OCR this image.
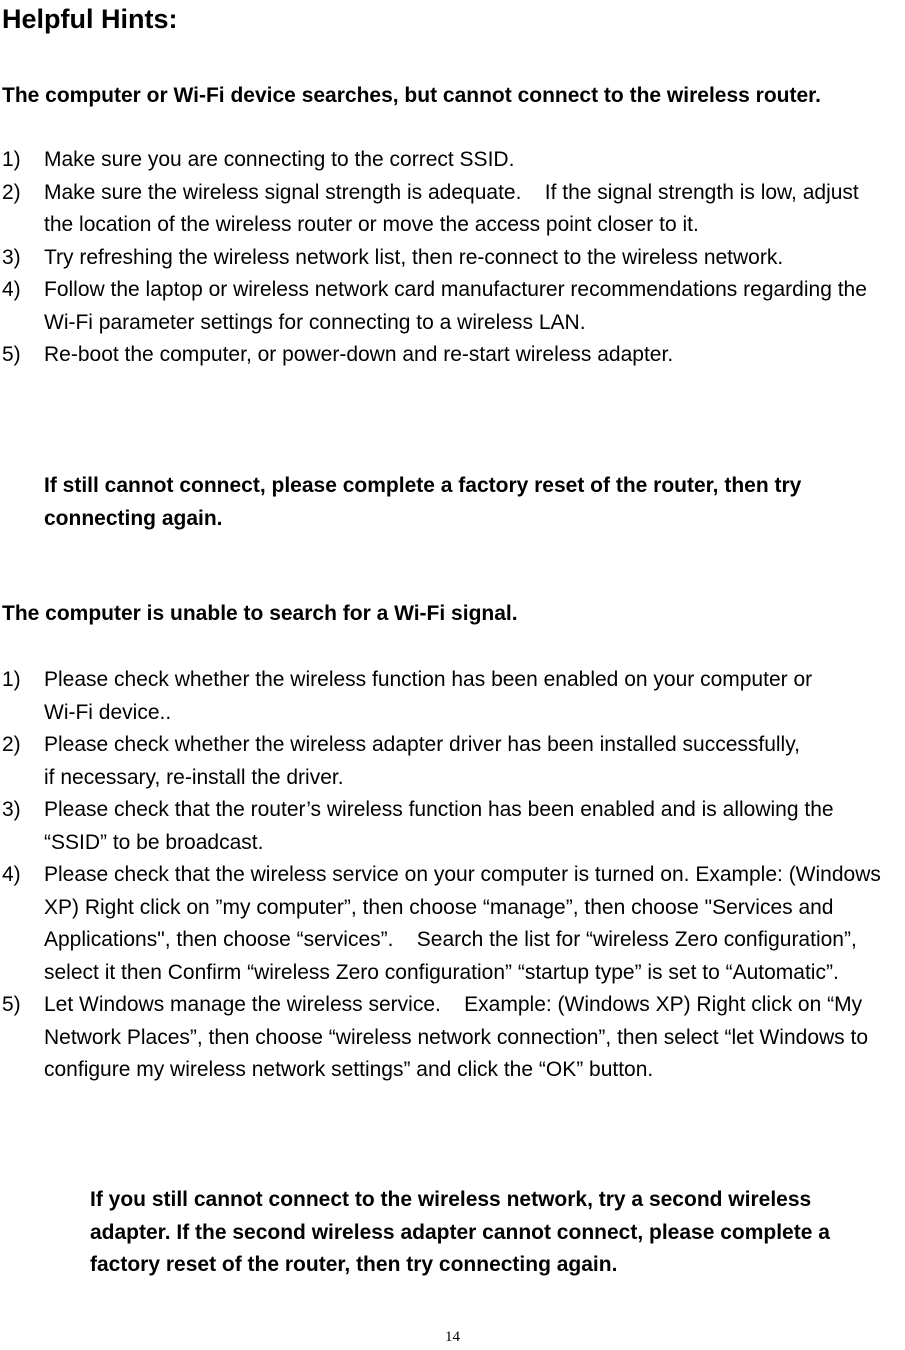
Helpful Hints:

The computer or Wi-Fi device searches, but cannot connect to the wireless router.

1) Make sure you are connecting to the correct SSID.
2) Make sure the wireless signal strength is adequate.    If the signal strength is low, adjust the location of the wireless router or move the access point closer to it.
3) Try refreshing the wireless network list, then re-connect to the wireless network.
4) Follow the laptop or wireless network card manufacturer recommendations regarding the Wi-Fi parameter settings for connecting to a wireless LAN.
5) Re-boot the computer, or power-down and re-start wireless adapter.

If still cannot connect, please complete a factory reset of the router, then try connecting again.

The computer is unable to search for a Wi-Fi signal.

1) Please check whether the wireless function has been enabled on your computer or Wi-Fi device..
2) Please check whether the wireless adapter driver has been installed successfully, if necessary, re-install the driver.
3) Please check that the router’s wireless function has been enabled and is allowing the “SSID” to be broadcast.
4) Please check that the wireless service on your computer is turned on. Example: (Windows XP) Right click on ”my computer”, then choose “manage”, then choose "Services and Applications", then choose “services”.    Search the list for “wireless Zero configuration”, select it then Confirm “wireless Zero configuration” “startup type” is set to “Automatic”.
5) Let Windows manage the wireless service.    Example: (Windows XP) Right click on “My Network Places”, then choose “wireless network connection”, then select “let Windows to configure my wireless network settings” and click the “OK” button.

If you still cannot connect to the wireless network, try a second wireless adapter. If the second wireless adapter cannot connect, please complete a factory reset of the router, then try connecting again.

14
